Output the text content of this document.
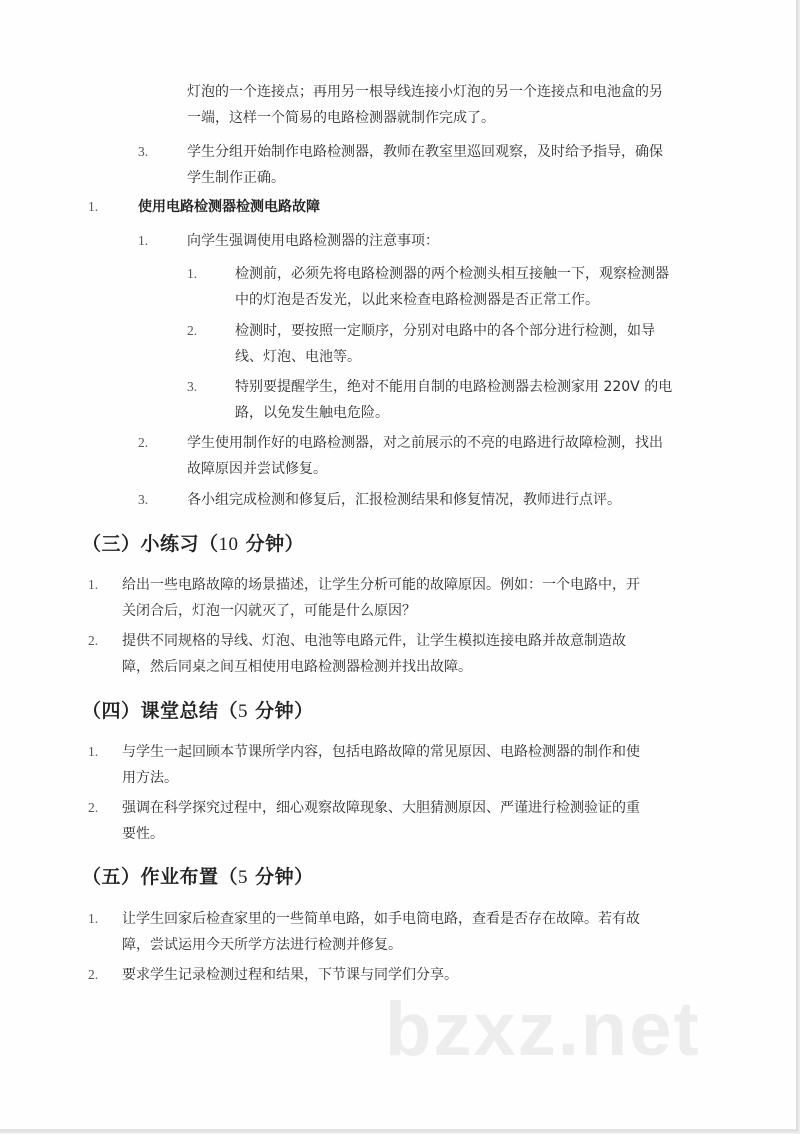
灯泡的一个连接点；再用另一根导线连接小灯泡的另一个连接点和电池盒的另
一端，这样一个简易的电路检测器就制作完成了。
3.	学生分组开始制作电路检测器，教师在教室里巡回观察，及时给予指导，确保
学生制作正确。
1.	使用电路检测器检测电路故障
1.	向学生强调使用电路检测器的注意事项：
1.	检测前，必须先将电路检测器的两个检测头相互接触一下，观察检测器
中的灯泡是否发光，以此来检查电路检测器是否正常工作。
2.	检测时，要按照一定顺序，分别对电路中的各个部分进行检测，如导
线、灯泡、电池等。
3.	特别要提醒学生，绝对不能用自制的电路检测器去检测家用 220V 的电
路，以免发生触电危险。
2.	学生使用制作好的电路检测器，对之前展示的不亮的电路进行故障检测，找出
故障原因并尝试修复。
3.	各小组完成检测和修复后，汇报检测结果和修复情况，教师进行点评。
（三）小练习（10 分钟）
1. 给出一些电路故障的场景描述，让学生分析可能的故障原因。例如：一个电路中，开
关闭合后，灯泡一闪就灭了，可能是什么原因？
2. 提供不同规格的导线、灯泡、电池等电路元件，让学生模拟连接电路并故意制造故
障，然后同桌之间互相使用电路检测器检测并找出故障。
（四）课堂总结（5 分钟）
1. 与学生一起回顾本节课所学内容，包括电路故障的常见原因、电路检测器的制作和使
用方法。
2. 强调在科学探究过程中，细心观察故障现象、大胆猜测原因、严谨进行检测验证的重
要性。
（五）作业布置（5 分钟）
1. 让学生回家后检查家里的一些简单电路，如手电筒电路，查看是否存在故障。若有故
障，尝试运用今天所学方法进行检测并修复。
2. 要求学生记录检测过程和结果，下节课与同学们分享。
bzxz.net
